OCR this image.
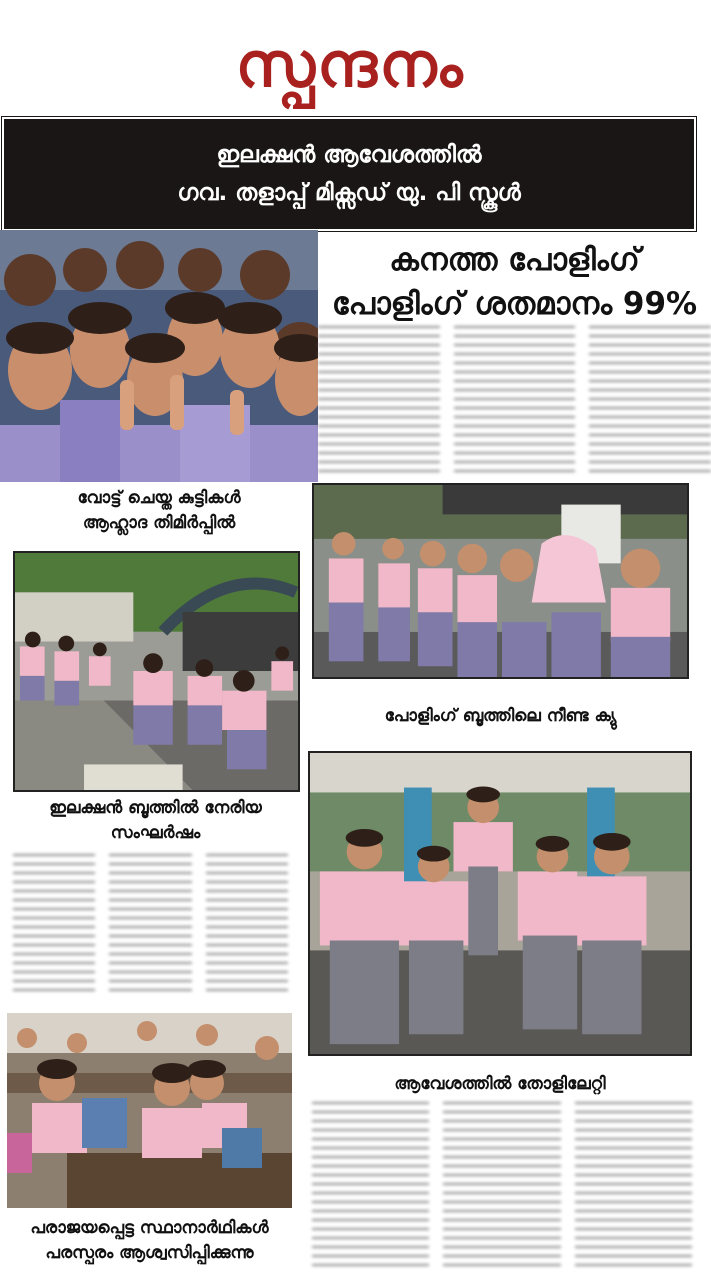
സ്പന്ദനം
ഇലക്ഷൻ ആവേശത്തിൽ
ഗവ. തളാപ്പ് മിക്സഡ് യു. പി സ്കൂൾ
കനത്ത പോളിംഗ്
പോളിംഗ് ശതമാനം 99%
വോട്ട് ചെയ്ത കുട്ടികൾ
ആഹ്ലാദ തിമിർപ്പിൽ
പോളിംഗ് ബൂത്തിലെ നീണ്ട ക്യു
ഇലക്ഷൻ ബൂത്തിൽ നേരിയ
സംഘർഷം
ആവേശത്തിൽ തോളിലേറ്റി
പരാജയപ്പെട്ട സ്ഥാനാർഥികൾ
പരസ്പരം ആശ്വസിപ്പിക്കുന്നു
